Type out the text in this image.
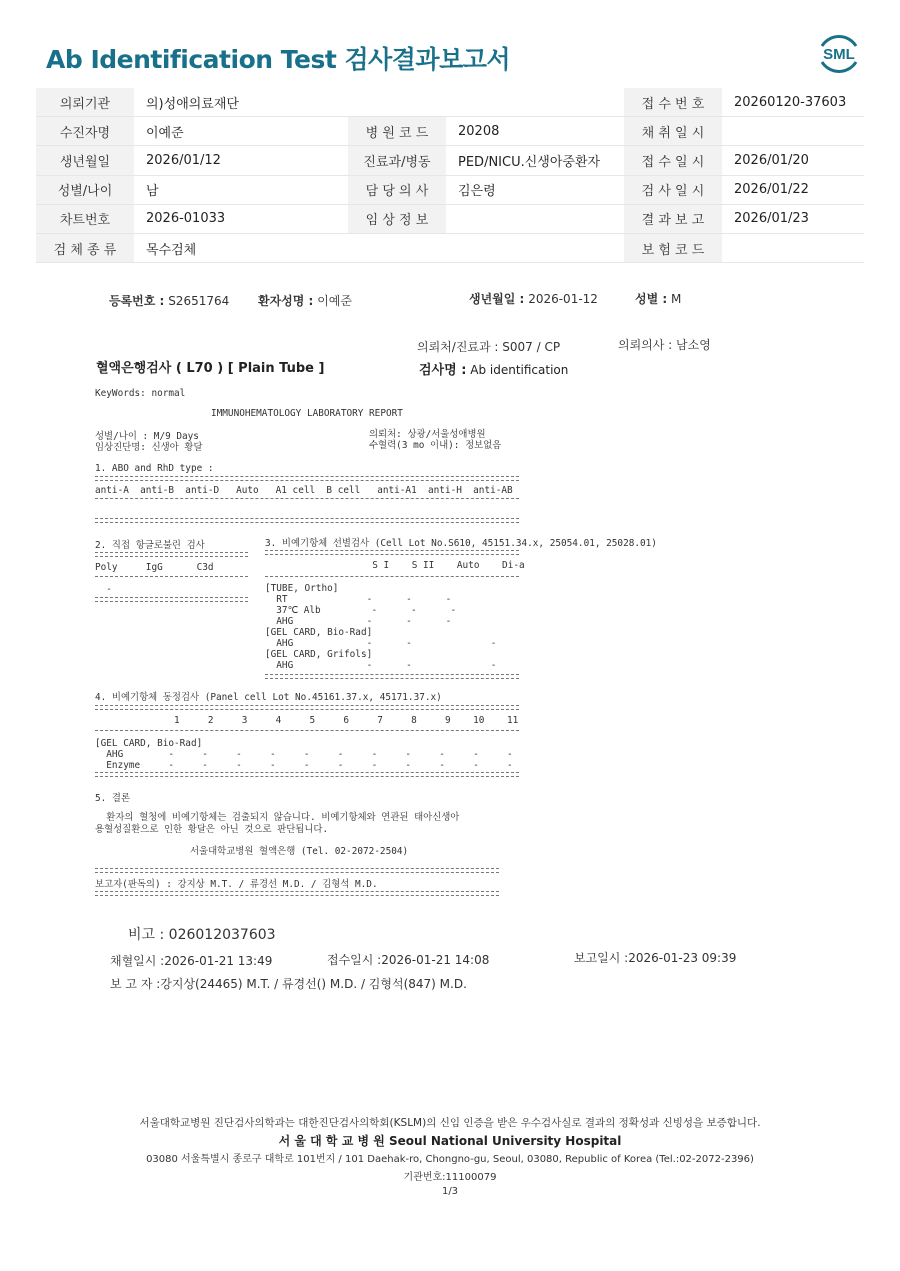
Ab Identification Test 검사결과보고서	SML
의뢰기관	의)성애의료재단			접 수 번 호	20260120-37603
수진자명	이예준	병 원 코 드	20208	채 취 일 시	
생년월일	2026/01/12	진료과/병동	PED/NICU.신생아중환자	접 수 일 시	2026/01/20
성별/나이	남	담 당 의 사	김은령	검 사 일 시	2026/01/22
차트번호	2026-01033	임 상 정 보		결 과 보 고	2026/01/23
검 체 종 류	목수검체			보 험 코 드	
등록번호 : S2651764 환자성명 : 이예준	생년월일 : 2026-01-12	성별 : M
의뢰처/진료과 : S007 / CP	의뢰의사 : 남소영
혈액은행검사 ( L70 ) [ Plain Tube ]	검사명 : Ab identification
KeyWords: normal
IMMUNOHEMATOLOGY LABORATORY REPORT
성별/나이 : M/9 Days
임상진단명: 신생아 황달
의뢰처: 상광/서울성애병원
수혈력(3 mo 이내): 정보없음
1. ABO and RhD type :
anti-A  anti-B  anti-D   Auto   A1 cell  B cell   anti-A1  anti-H  anti-AB
2. 직접 항글로불린 검사
Poly     IgG      C3d
-
3. 비예기항체 선별검사 (Cell Lot No.S610, 45151.34.x, 25054.01, 25028.01)
S I    S II    Auto    Di-a
[TUBE, Ortho]
RT              -      -      -
37℃ Alb         -      -      -
AHG             -      -      -
[GEL CARD, Bio-Rad]
AHG             -      -              -
[GEL CARD, Grifols]
AHG             -      -              -
4. 비예기항체 동정검사 (Panel cell Lot No.45161.37.x, 45171.37.x)
1     2     3     4     5     6     7     8     9    10    11
[GEL CARD, Bio-Rad]
AHG        -     -     -     -     -     -     -     -     -     -     -
Enzyme     -     -     -     -     -     -     -     -     -     -     -
5. 결론
환자의 혈청에 비예기항체는 검출되지 않습니다. 비예기항체와 연관된 태아신생아
용혈성질환으로 인한 황달은 아닌 것으로 판단됩니다.
서울대학교병원 혈액은행 (Tel. 02-2072-2504)
보고자(판독의) : 강지상 M.T. / 류경선 M.D. / 김형석 M.D.
비고 : 026012037603
채혈일시 :2026-01-21 13:49	접수일시 :2026-01-21 14:08	보고일시 :2026-01-23 09:39
보 고 자 :강지상(24465) M.T. / 류경선() M.D. / 김형석(847) M.D.
서울대학교병원 진단검사의학과는 대한진단검사의학회(KSLM)의 신임 인증을 받은 우수검사실로 결과의 정확성과 신빙성을 보증합니다.
서 울 대 학 교 병 원 Seoul National University Hospital
03080 서울특별시 종로구 대학로 101번지 / 101 Daehak-ro, Chongno-gu, Seoul, 03080, Republic of Korea (Tel.:02-2072-2396)
기관번호:11100079
1/3
